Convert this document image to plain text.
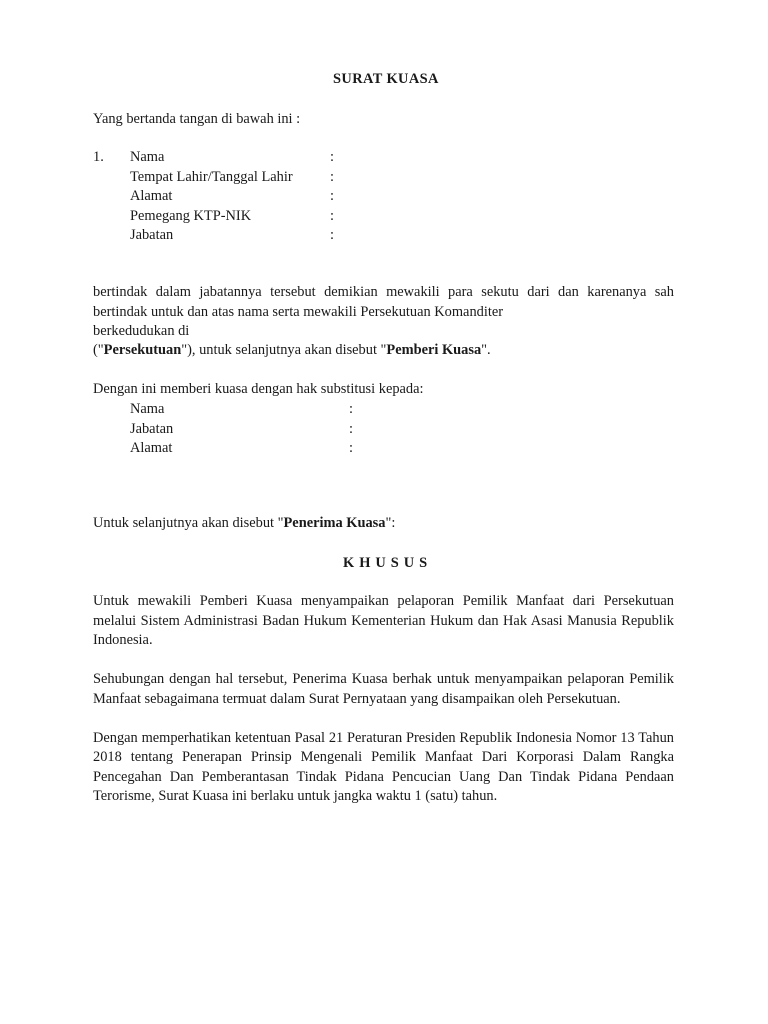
SURAT KUASA
Yang bertanda tangan di bawah ini :
1. Nama	:
Tempat Lahir/Tanggal Lahir	:
Alamat	:
Pemegang KTP-NIK	:
Jabatan	:
bertindak dalam jabatannya tersebut demikian mewakili para sekutu dari dan karenanya sah bertindak untuk dan atas nama serta mewakili Persekutuan Komanditer
berkedudukan di
("Persekutuan"), untuk selanjutnya akan disebut "Pemberi Kuasa".
Dengan ini memberi kuasa dengan hak substitusi kepada:
Nama	:
Jabatan	:
Alamat	:
Untuk selanjutnya akan disebut "Penerima Kuasa":
KHUSUS

Untuk mewakili Pemberi Kuasa menyampaikan pelaporan Pemilik Manfaat dari Persekutuan melalui Sistem Administrasi Badan Hukum Kementerian Hukum dan Hak Asasi Manusia Republik Indonesia.

Sehubungan dengan hal tersebut, Penerima Kuasa berhak untuk menyampaikan pelaporan Pemilik Manfaat sebagaimana termuat dalam Surat Pernyataan yang disampaikan oleh Persekutuan.

Dengan memperhatikan ketentuan Pasal 21 Peraturan Presiden Republik Indonesia Nomor 13 Tahun 2018 tentang Penerapan Prinsip Mengenali Pemilik Manfaat Dari Korporasi Dalam Rangka Pencegahan Dan Pemberantasan Tindak Pidana Pencucian Uang Dan Tindak Pidana Pendaan Terorisme, Surat Kuasa ini berlaku untuk jangka waktu 1 (satu) tahun.
